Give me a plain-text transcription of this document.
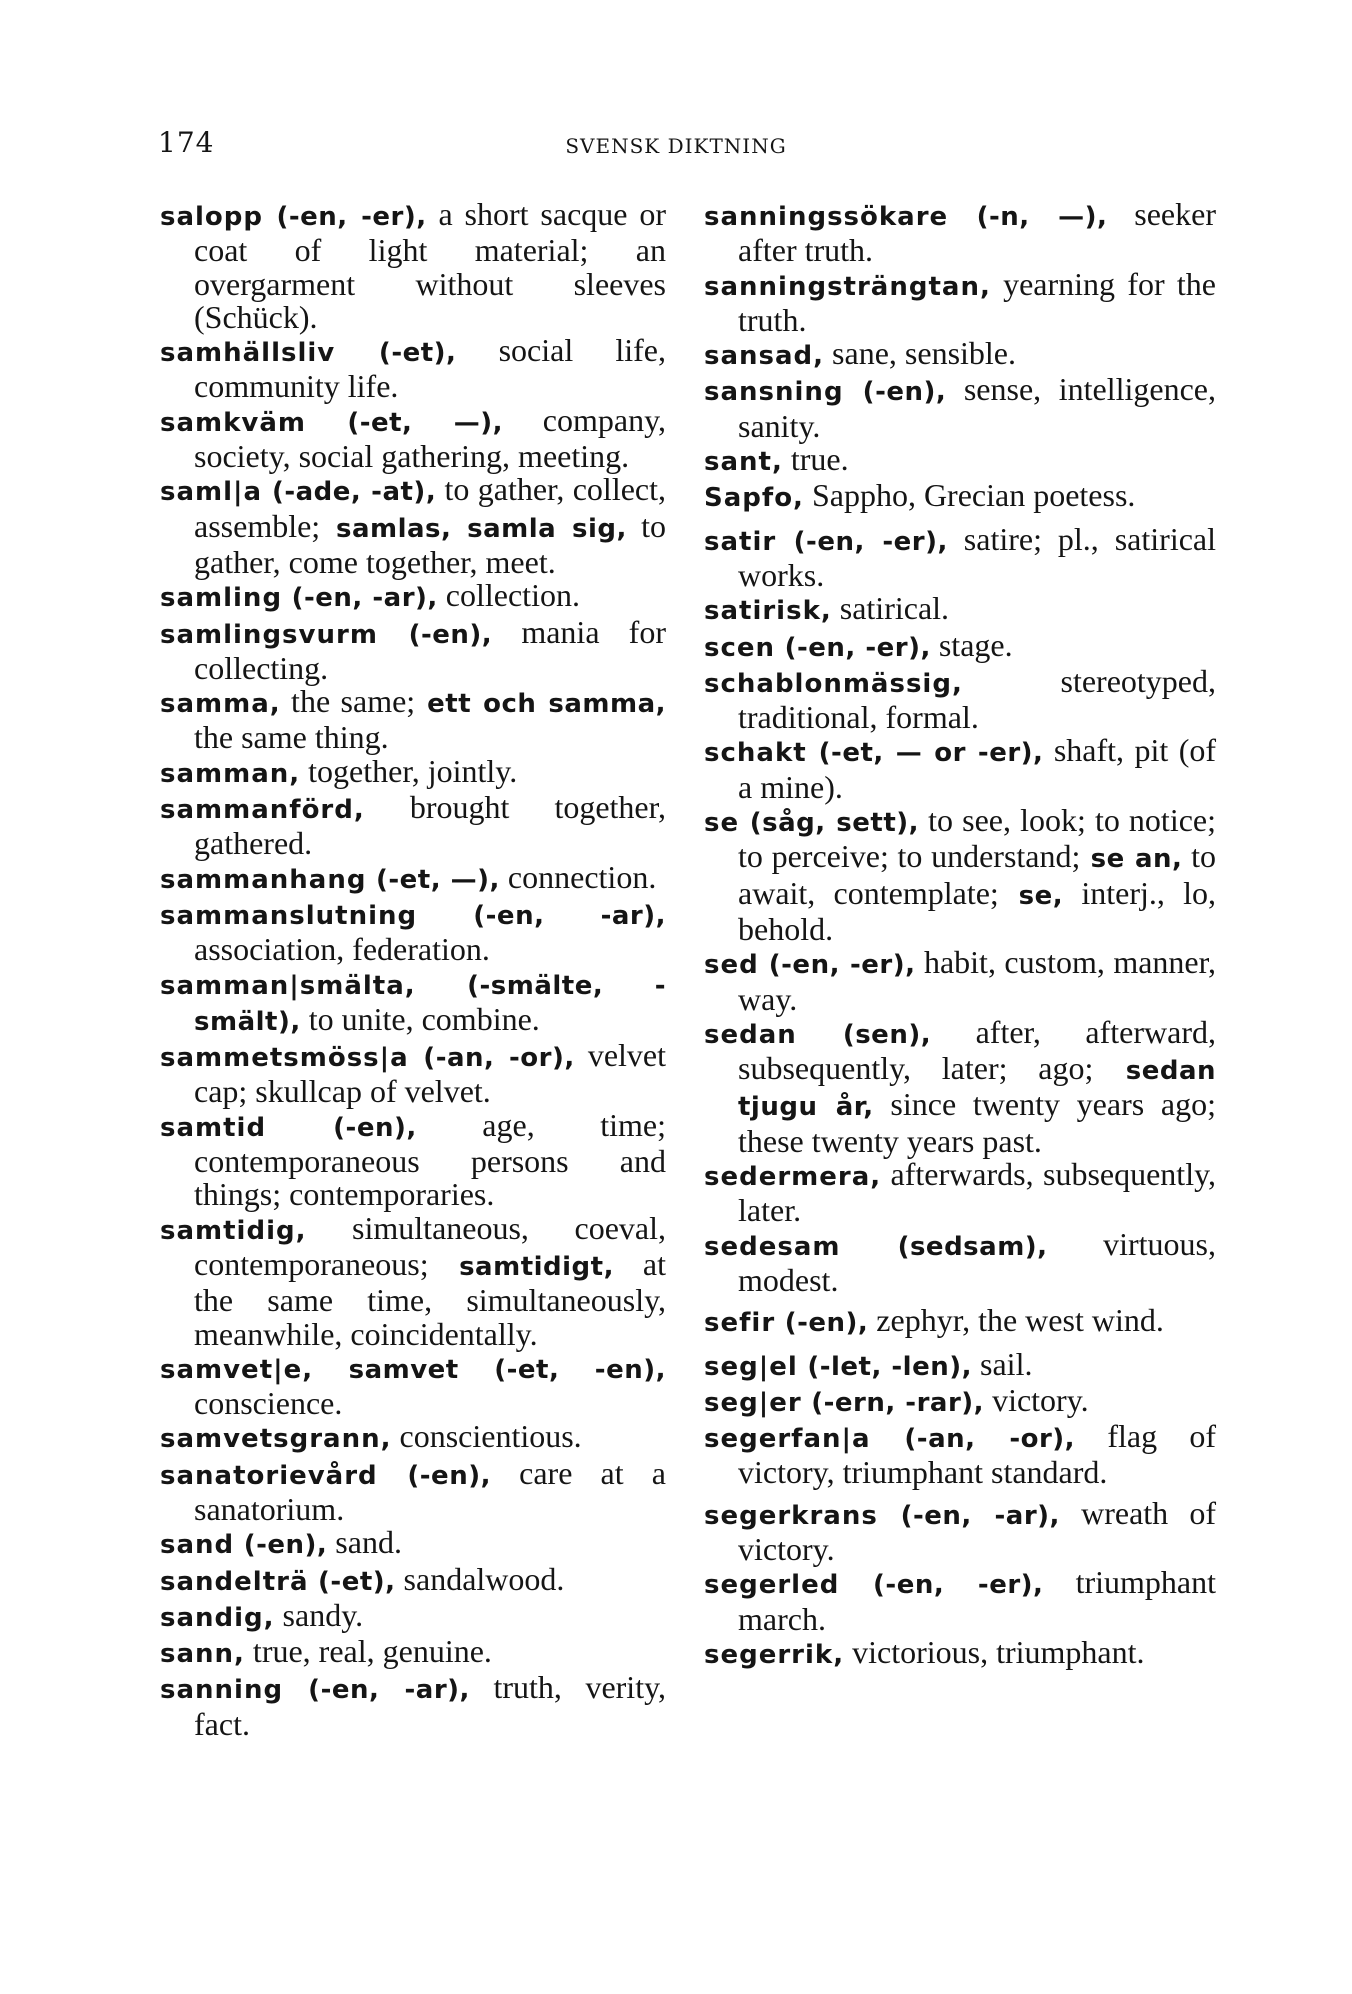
174	SVENSK DIKTNING

salopp (-en, -er), a short sacque or coat of light material; an overgarment without sleeves (Schück).

samhällsliv (-et), social life, community life.

samkväm (-et, —), company, society, social gathering, meeting.

saml|a (-ade, -at), to gather, collect, assemble; samlas, samla sig, to gather, come together, meet.

samling (-en, -ar), collection.

samlingsvurm (-en), mania for collecting.

samma, the same; ett och samma, the same thing.

samman, together, jointly.

sammanförd, brought together, gathered.

sammanhang (-et, —), connection.

sammanslutning (-en, -ar), association, federation.

samman|smälta, (-smälte, -smält), to unite, combine.

sammetsmöss|a (-an, -or), velvet cap; skullcap of velvet.

samtid (-en), age, time; contemporaneous persons and things; contemporaries.

samtidig, simultaneous, coeval, contemporaneous; samtidigt, at the same time, simultaneously, meanwhile, coincidentally.

samvet|e, samvet (-et, -en), conscience.

samvetsgrann, conscientious.

sanatorievård (-en), care at a sanatorium.

sand (-en), sand.

sandelträ (-et), sandalwood.

sandig, sandy.

sann, true, real, genuine.

sanning (-en, -ar), truth, verity, fact.

sanningssökare (-n, —), seeker after truth.

sanningsträngtan, yearning for the truth.

sansad, sane, sensible.

sansning (-en), sense, intelligence, sanity.

sant, true.

Sapfo, Sappho, Grecian poetess.

satir (-en, -er), satire; pl., satirical works.

satirisk, satirical.

scen (-en, -er), stage.

schablonmässig, stereotyped, traditional, formal.

schakt (-et, — or -er), shaft, pit (of a mine).

se (såg, sett), to see, look; to notice; to perceive; to understand; se an, to await, contemplate; se, interj., lo, behold.

sed (-en, -er), habit, custom, manner, way.

sedan (sen), after, afterward, subsequently, later; ago; sedan tjugu år, since twenty years ago; these twenty years past.

sedermera, afterwards, subsequently, later.

sedesam (sedsam), virtuous, modest.

sefir (-en), zephyr, the west wind.

seg|el (-let, -len), sail.

seg|er (-ern, -rar), victory.

segerfan|a (-an, -or), flag of victory, triumphant standard.

segerkrans (-en, -ar), wreath of victory.

segerled (-en, -er), triumphant march.

segerrik, victorious, triumphant.
